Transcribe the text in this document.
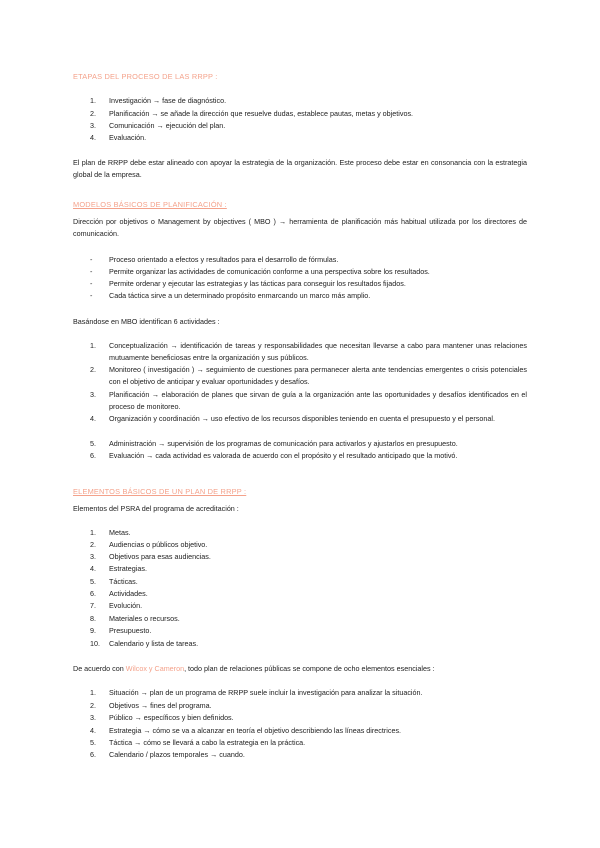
ETAPAS DEL PROCESO DE LAS RRPP :
1. Investigación → fase de diagnóstico.
2. Planificación → se añade la dirección que resuelve dudas, establece pautas, metas y objetivos.
3. Comunicación → ejecución del plan.
4. Evaluación.
El plan de RRPP debe estar alineado con apoyar la estrategia de la organización. Este proceso debe estar en consonancia con la estrategia global de la empresa.
MODELOS BÁSICOS DE PLANIFICACIÓN :
Dirección por objetivos o Management by objectives ( MBO ) → herramienta de planificación más habitual utilizada por los directores de comunicación.
- Proceso orientado a efectos y resultados para el desarrollo de fórmulas.
- Permite organizar las actividades de comunicación conforme a una perspectiva sobre los resultados.
- Permite ordenar y ejecutar las estrategias y las tácticas para conseguir los resultados fijados.
- Cada táctica sirve a un determinado propósito enmarcando un marco más amplio.
Basándose en MBO identifican 6 actividades :
1. Conceptualización → identificación de tareas y responsabilidades que necesitan llevarse a cabo para mantener unas relaciones mutuamente beneficiosas entre la organización y sus públicos.
2. Monitoreo ( investigación ) → seguimiento de cuestiones para permanecer alerta ante tendencias emergentes o crisis potenciales con el objetivo de anticipar y evaluar oportunidades y desafíos.
3. Planificación → elaboración de planes que sirvan de guía a la organización ante las oportunidades y desafíos identificados en el proceso de monitoreo.
4. Organización y coordinación → uso efectivo de los recursos disponibles teniendo en cuenta el presupuesto y el personal.
5. Administración → supervisión de los programas de comunicación para activarlos y ajustarlos en presupuesto.
6. Evaluación → cada actividad es valorada de acuerdo con el propósito y el resultado anticipado que la motivó.
ELEMENTOS BÁSICOS DE UN PLAN DE RRPP :
Elementos del PSRA del programa de acreditación :
1. Metas.
2. Audiencias o públicos objetivo.
3. Objetivos para esas audiencias.
4. Estrategias.
5. Tácticas.
6. Actividades.
7. Evolución.
8. Materiales o recursos.
9. Presupuesto.
10. Calendario y lista de tareas.
De acuerdo con Wilcox y Cameron, todo plan de relaciones públicas se compone de ocho elementos esenciales :
1. Situación → plan de un programa de RRPP suele incluir la investigación para analizar la situación.
2. Objetivos → fines del programa.
3. Público → específicos y bien definidos.
4. Estrategia → cómo se va a alcanzar en teoría el objetivo describiendo las líneas directrices.
5. Táctica → cómo se llevará a cabo la estrategia en la práctica.
6. Calendario / plazos temporales → cuando.
